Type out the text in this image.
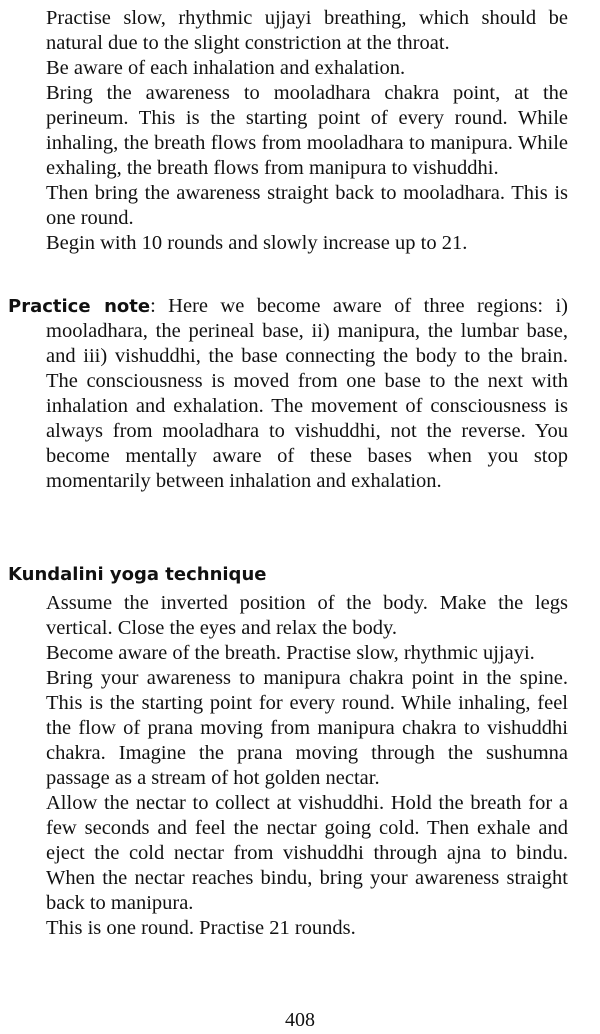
Practise slow, rhythmic ujjayi breathing, which should be natural due to the slight constriction at the throat.

Be aware of each inhalation and exhalation.

Bring the awareness to mooladhara chakra point, at the perineum. This is the starting point of every round. While inhaling, the breath flows from mooladhara to manipura. While exhaling, the breath flows from manipura to vishuddhi.

Then bring the awareness straight back to mooladhara. This is one round.

Begin with 10 rounds and slowly increase up to 21.

Practice note: Here we become aware of three regions: i) mooladhara, the perineal base, ii) manipura, the lumbar base, and iii) vishuddhi, the base connecting the body to the brain. The consciousness is moved from one base to the next with inhalation and exhalation. The movement of consciousness is always from mooladhara to vishuddhi, not the reverse. You become mentally aware of these bases when you stop momentarily between inhalation and exhalation.
Kundalini yoga technique

Assume the inverted position of the body. Make the legs vertical. Close the eyes and relax the body.

Become aware of the breath. Practise slow, rhythmic ujjayi.

Bring your awareness to manipura chakra point in the spine. This is the starting point for every round. While inhaling, feel the flow of prana moving from manipura chakra to vishuddhi chakra. Imagine the prana moving through the sushumna passage as a stream of hot golden nectar.

Allow the nectar to collect at vishuddhi. Hold the breath for a few seconds and feel the nectar going cold. Then exhale and eject the cold nectar from vishuddhi through ajna to bindu. When the nectar reaches bindu, bring your awareness straight back to manipura.

This is one round. Practise 21 rounds.

408
